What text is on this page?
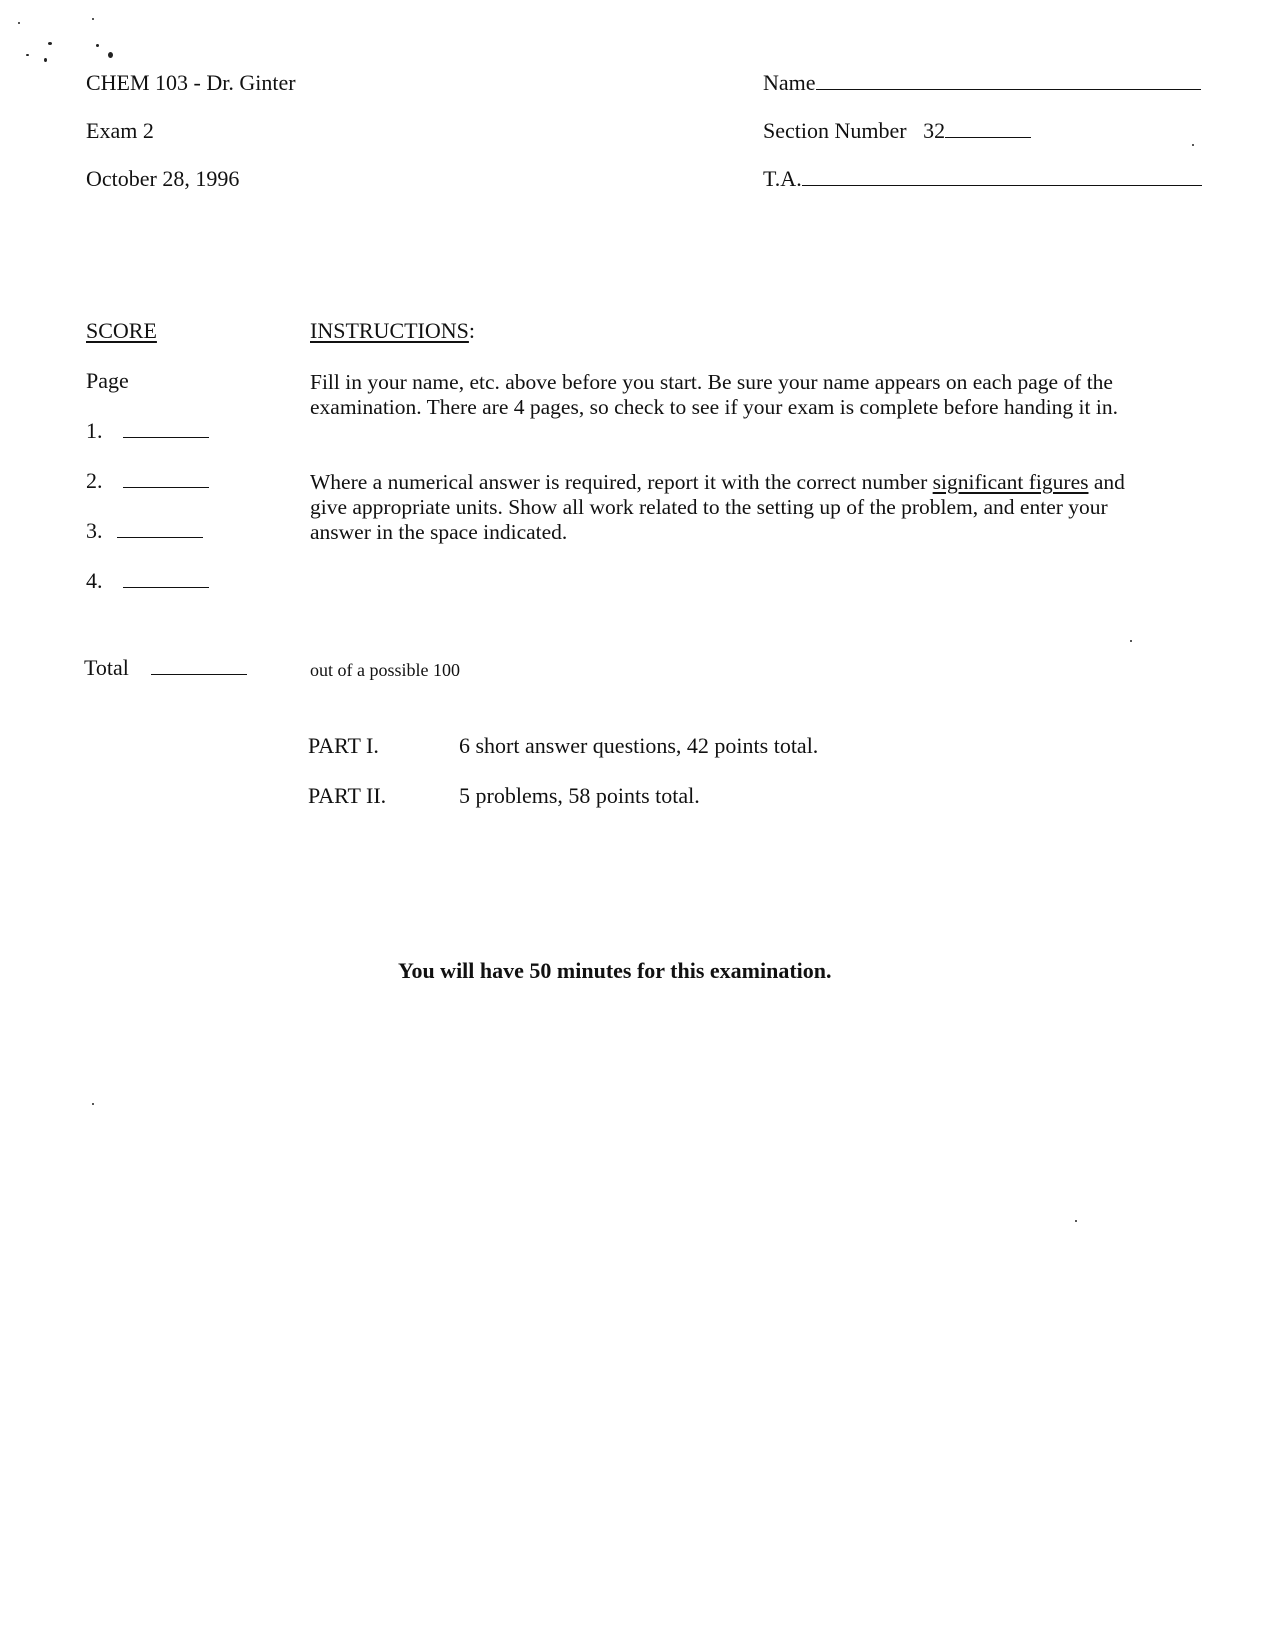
CHEM 103 - Dr. Ginter
Exam 2
October 28, 1996
Name
Section Number 32
T.A.
SCORE
Page
1.
2.
3.
4.
Total	out of a possible 100
INSTRUCTIONS:
Fill in your name, etc. above before you start. Be sure your name appears on each page of the examination. There are 4 pages, so check to see if your exam is complete before handing it in.
Where a numerical answer is required, report it with the correct number significant figures and give appropriate units. Show all work related to the setting up of the problem, and enter your answer in the space indicated.
PART I.	6 short answer questions, 42 points total.
PART II.	5 problems, 58 points total.
You will have 50 minutes for this examination.
